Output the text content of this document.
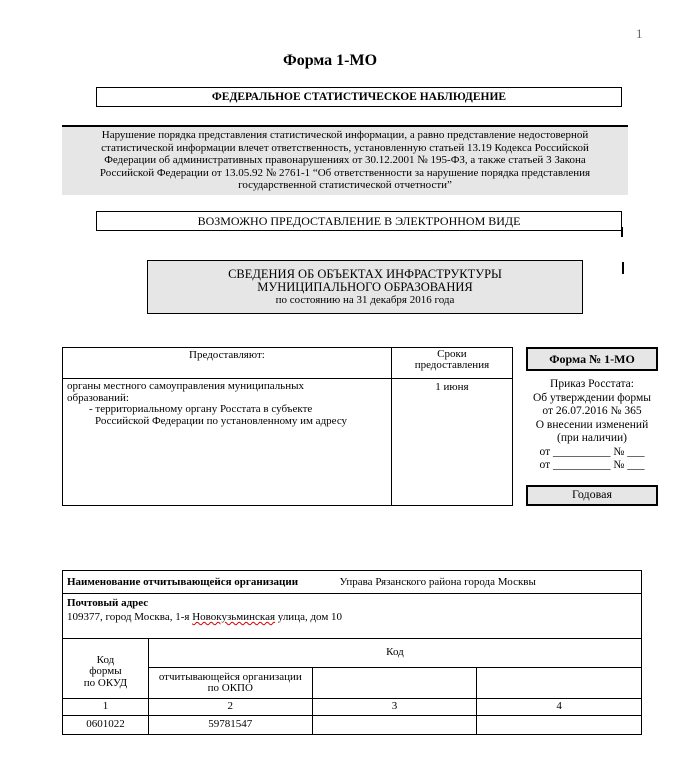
1
Форма 1-МО
ФЕДЕРАЛЬНОЕ СТАТИСТИЧЕСКОЕ НАБЛЮДЕНИЕ
Нарушение порядка представления статистической информации, а равно представление недостоверной
статистической информации влечет ответственность, установленную статьей 13.19 Кодекса Российской
Федерации об административных правонарушениях от 30.12.2001 № 195-ФЗ, а также статьей 3 Закона
Российской Федерации от 13.05.92 № 2761-1 “Об ответственности за нарушение порядка представления
государственной статистической отчетности”
ВОЗМОЖНО ПРЕДОСТАВЛЕНИЕ В ЭЛЕКТРОННОМ ВИДЕ
СВЕДЕНИЯ ОБ ОБЪЕКТАХ ИНФРАСТРУКТУРЫ
МУНИЦИПАЛЬНОГО ОБРАЗОВАНИЯ
по состоянию на 31 декабря 2016 года
Предоставляют:	Сроки
предоставления

органы местного самоуправления муниципальных
образований:
- территориальному органу Росстата в субъекте
Российской Федерации по установленному им адресу	1 июня
Форма № 1-МО
Приказ Росстата:
Об утверждении формы
от 26.07.2016 № 365
О внесении изменений
(при наличии)
от __________ № ___
от __________ № ___
Годовая
Наименование отчитывающейся организации Управа Рязанского района города Москвы			

Почтовый адрес
109377, город Москва, 1-я Новокузьминская улица, дом 10			

Код
формы
по ОКУД	Код		

	отчитывающейся организации
по ОКПО		

1	2	3	4
0601022	59781547		
